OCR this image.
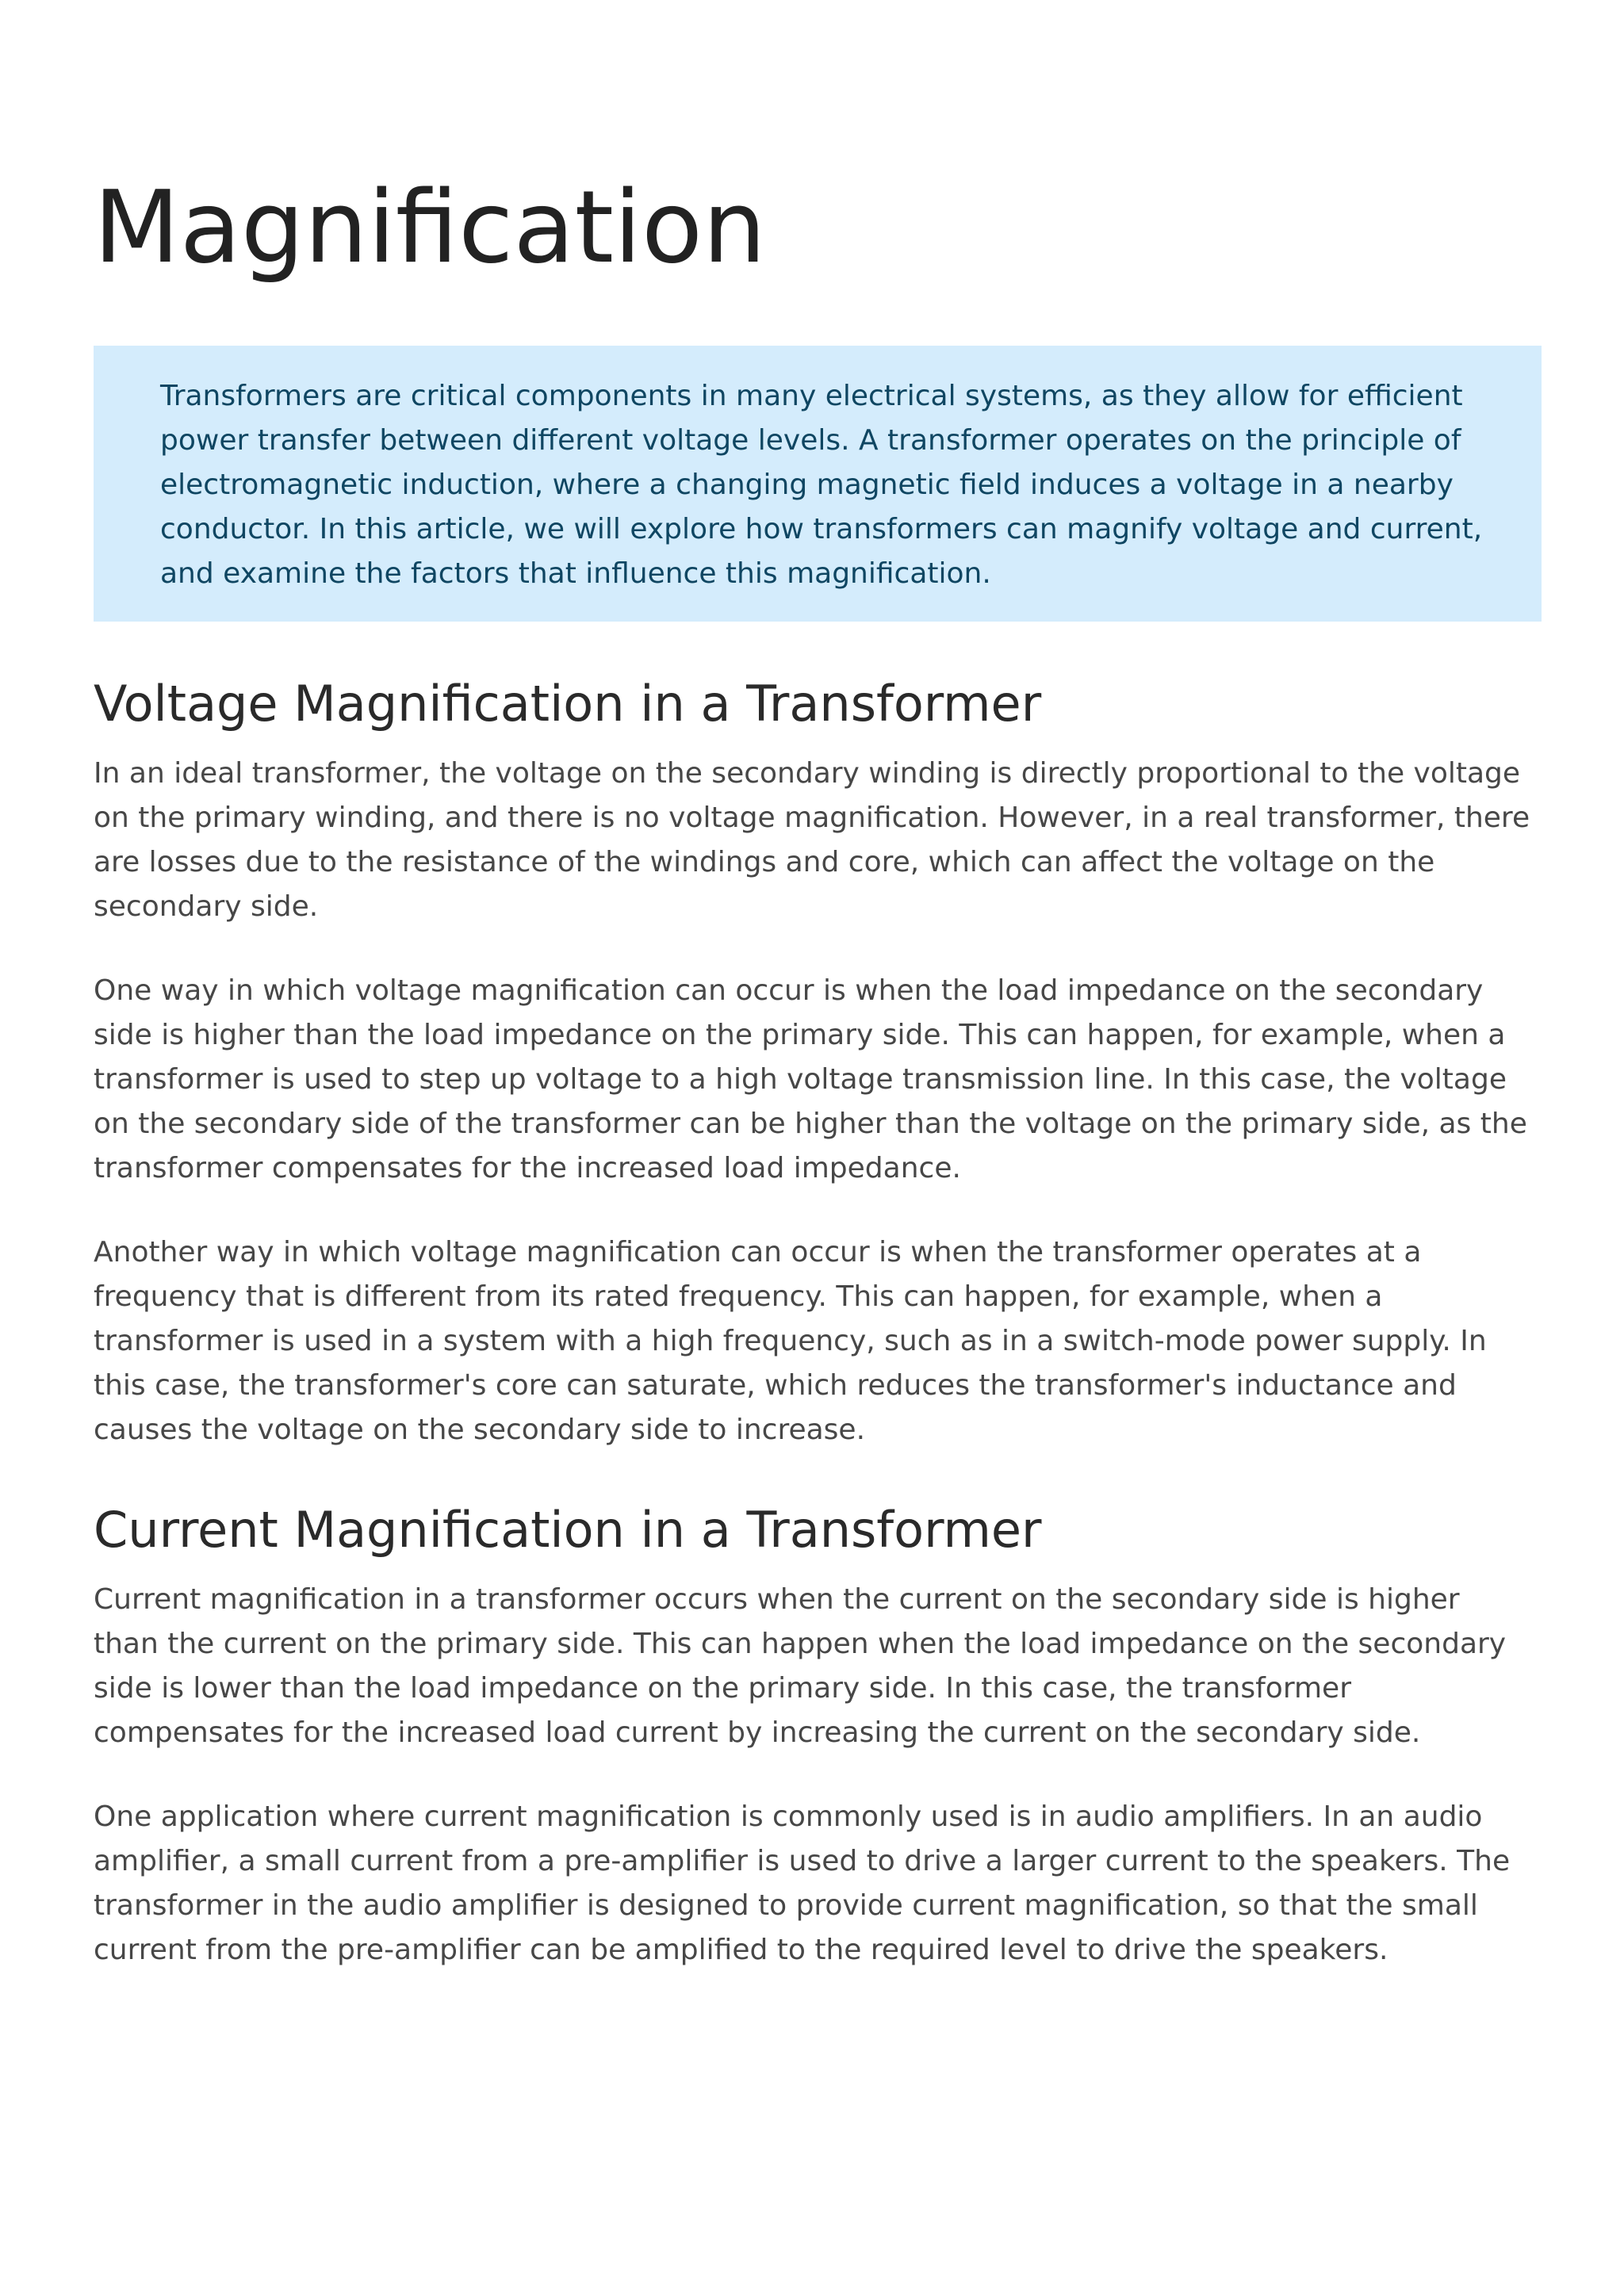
Magnification
Transformers are critical components in many electrical systems, as they allow for efficient power transfer between different voltage levels. A transformer operates on the principle of electromagnetic induction, where a changing magnetic field induces a voltage in a nearby conductor. In this article, we will explore how transformers can magnify voltage and current, and examine the factors that influence this magnification.
Voltage Magnification in a Transformer

In an ideal transformer, the voltage on the secondary winding is directly proportional to the voltage on the primary winding, and there is no voltage magnification. However, in a real transformer, there are losses due to the resistance of the windings and core, which can affect the voltage on the secondary side.

One way in which voltage magnification can occur is when the load impedance on the secondary side is higher than the load impedance on the primary side. This can happen, for example, when a transformer is used to step up voltage to a high voltage transmission line. In this case, the voltage on the secondary side of the transformer can be higher than the voltage on the primary side, as the transformer compensates for the increased load impedance.

Another way in which voltage magnification can occur is when the transformer operates at a frequency that is different from its rated frequency. This can happen, for example, when a transformer is used in a system with a high frequency, such as in a switch-mode power supply. In this case, the transformer's core can saturate, which reduces the transformer's inductance and causes the voltage on the secondary side to increase.

Current Magnification in a Transformer

Current magnification in a transformer occurs when the current on the secondary side is higher than the current on the primary side. This can happen when the load impedance on the secondary side is lower than the load impedance on the primary side. In this case, the transformer compensates for the increased load current by increasing the current on the secondary side.

One application where current magnification is commonly used is in audio amplifiers. In an audio amplifier, a small current from a pre-amplifier is used to drive a larger current to the speakers. The transformer in the audio amplifier is designed to provide current magnification, so that the small current from the pre-amplifier can be amplified to the required level to drive the speakers.
